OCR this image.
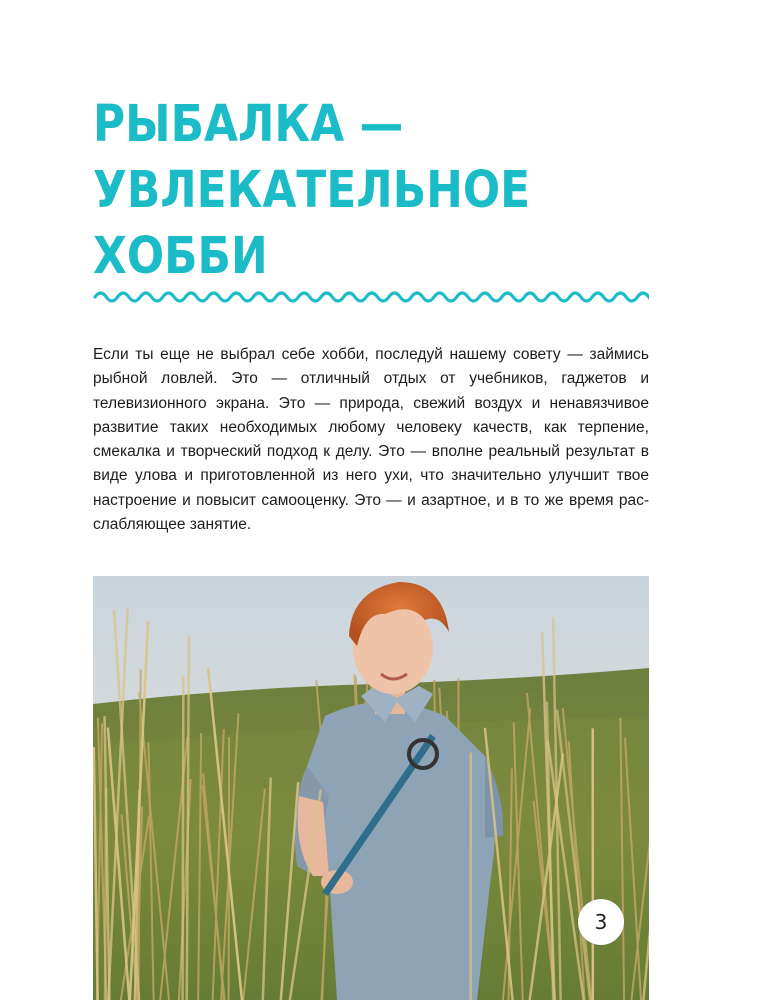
РЫБАЛКА —
УВЛЕКАТЕЛЬНОЕ
ХОББИ
Если ты еще не выбрал себе хобби, последуй нашему совету — займись рыбной ловлей. Это — отличный отдых от учебников, гаджетов и телевизионного экрана. Это — природа, свежий воздух и ненавязчивое развитие таких необходимых любому человеку качеств, как терпение, смекалка и творческий подход к делу. Это — вполне реальный результат в виде улова и приготовленной из него ухи, что значительно улучшит твое настроение и повысит самооценку. Это — и азартное, и в то же время расслабляющее занятие.
3
